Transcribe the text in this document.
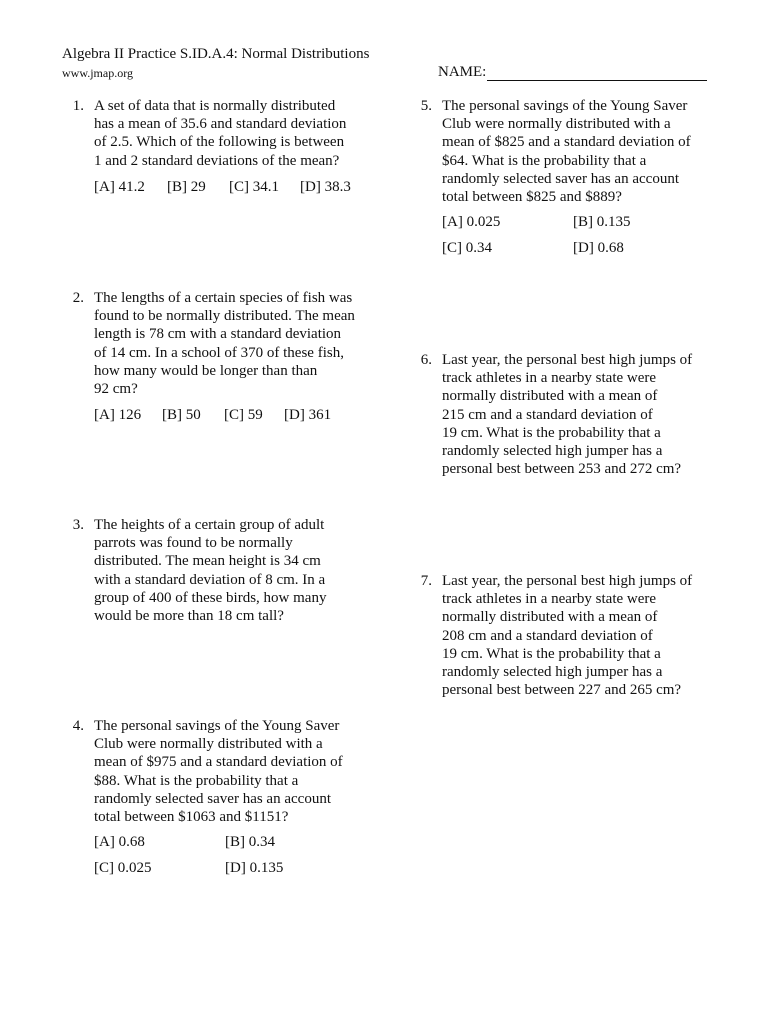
Algebra II Practice S.ID.A.4: Normal Distributions
www.jmap.org	NAME:
1. A set of data that is normally distributed
has a mean of 35.6 and standard deviation
of 2.5. Which of the following is between
1 and 2 standard deviations of the mean?
[A] 41.2	[B] 29	[C] 34.1	[D] 38.3
2. The lengths of a certain species of fish was
found to be normally distributed. The mean
length is 78 cm with a standard deviation
of 14 cm. In a school of 370 of these fish,
how many would be longer than than
92 cm?
[A] 126	[B] 50	[C] 59	[D] 361
3. The heights of a certain group of adult
parrots was found to be normally
distributed. The mean height is 34 cm
with a standard deviation of 8 cm. In a
group of 400 of these birds, how many
would be more than 18 cm tall?
4. The personal savings of the Young Saver
Club were normally distributed with a
mean of $975 and a standard deviation of
$88. What is the probability that a
randomly selected saver has an account
total between $1063 and $1151?
[A] 0.68	[B] 0.34
[C] 0.025	[D] 0.135
5. The personal savings of the Young Saver
Club were normally distributed with a
mean of $825 and a standard deviation of
$64. What is the probability that a
randomly selected saver has an account
total between $825 and $889?
[A] 0.025	[B] 0.135
[C] 0.34	[D] 0.68
6. Last year, the personal best high jumps of
track athletes in a nearby state were
normally distributed with a mean of
215 cm and a standard deviation of
19 cm. What is the probability that a
randomly selected high jumper has a
personal best between 253 and 272 cm?
7. Last year, the personal best high jumps of
track athletes in a nearby state were
normally distributed with a mean of
208 cm and a standard deviation of
19 cm. What is the probability that a
randomly selected high jumper has a
personal best between 227 and 265 cm?
